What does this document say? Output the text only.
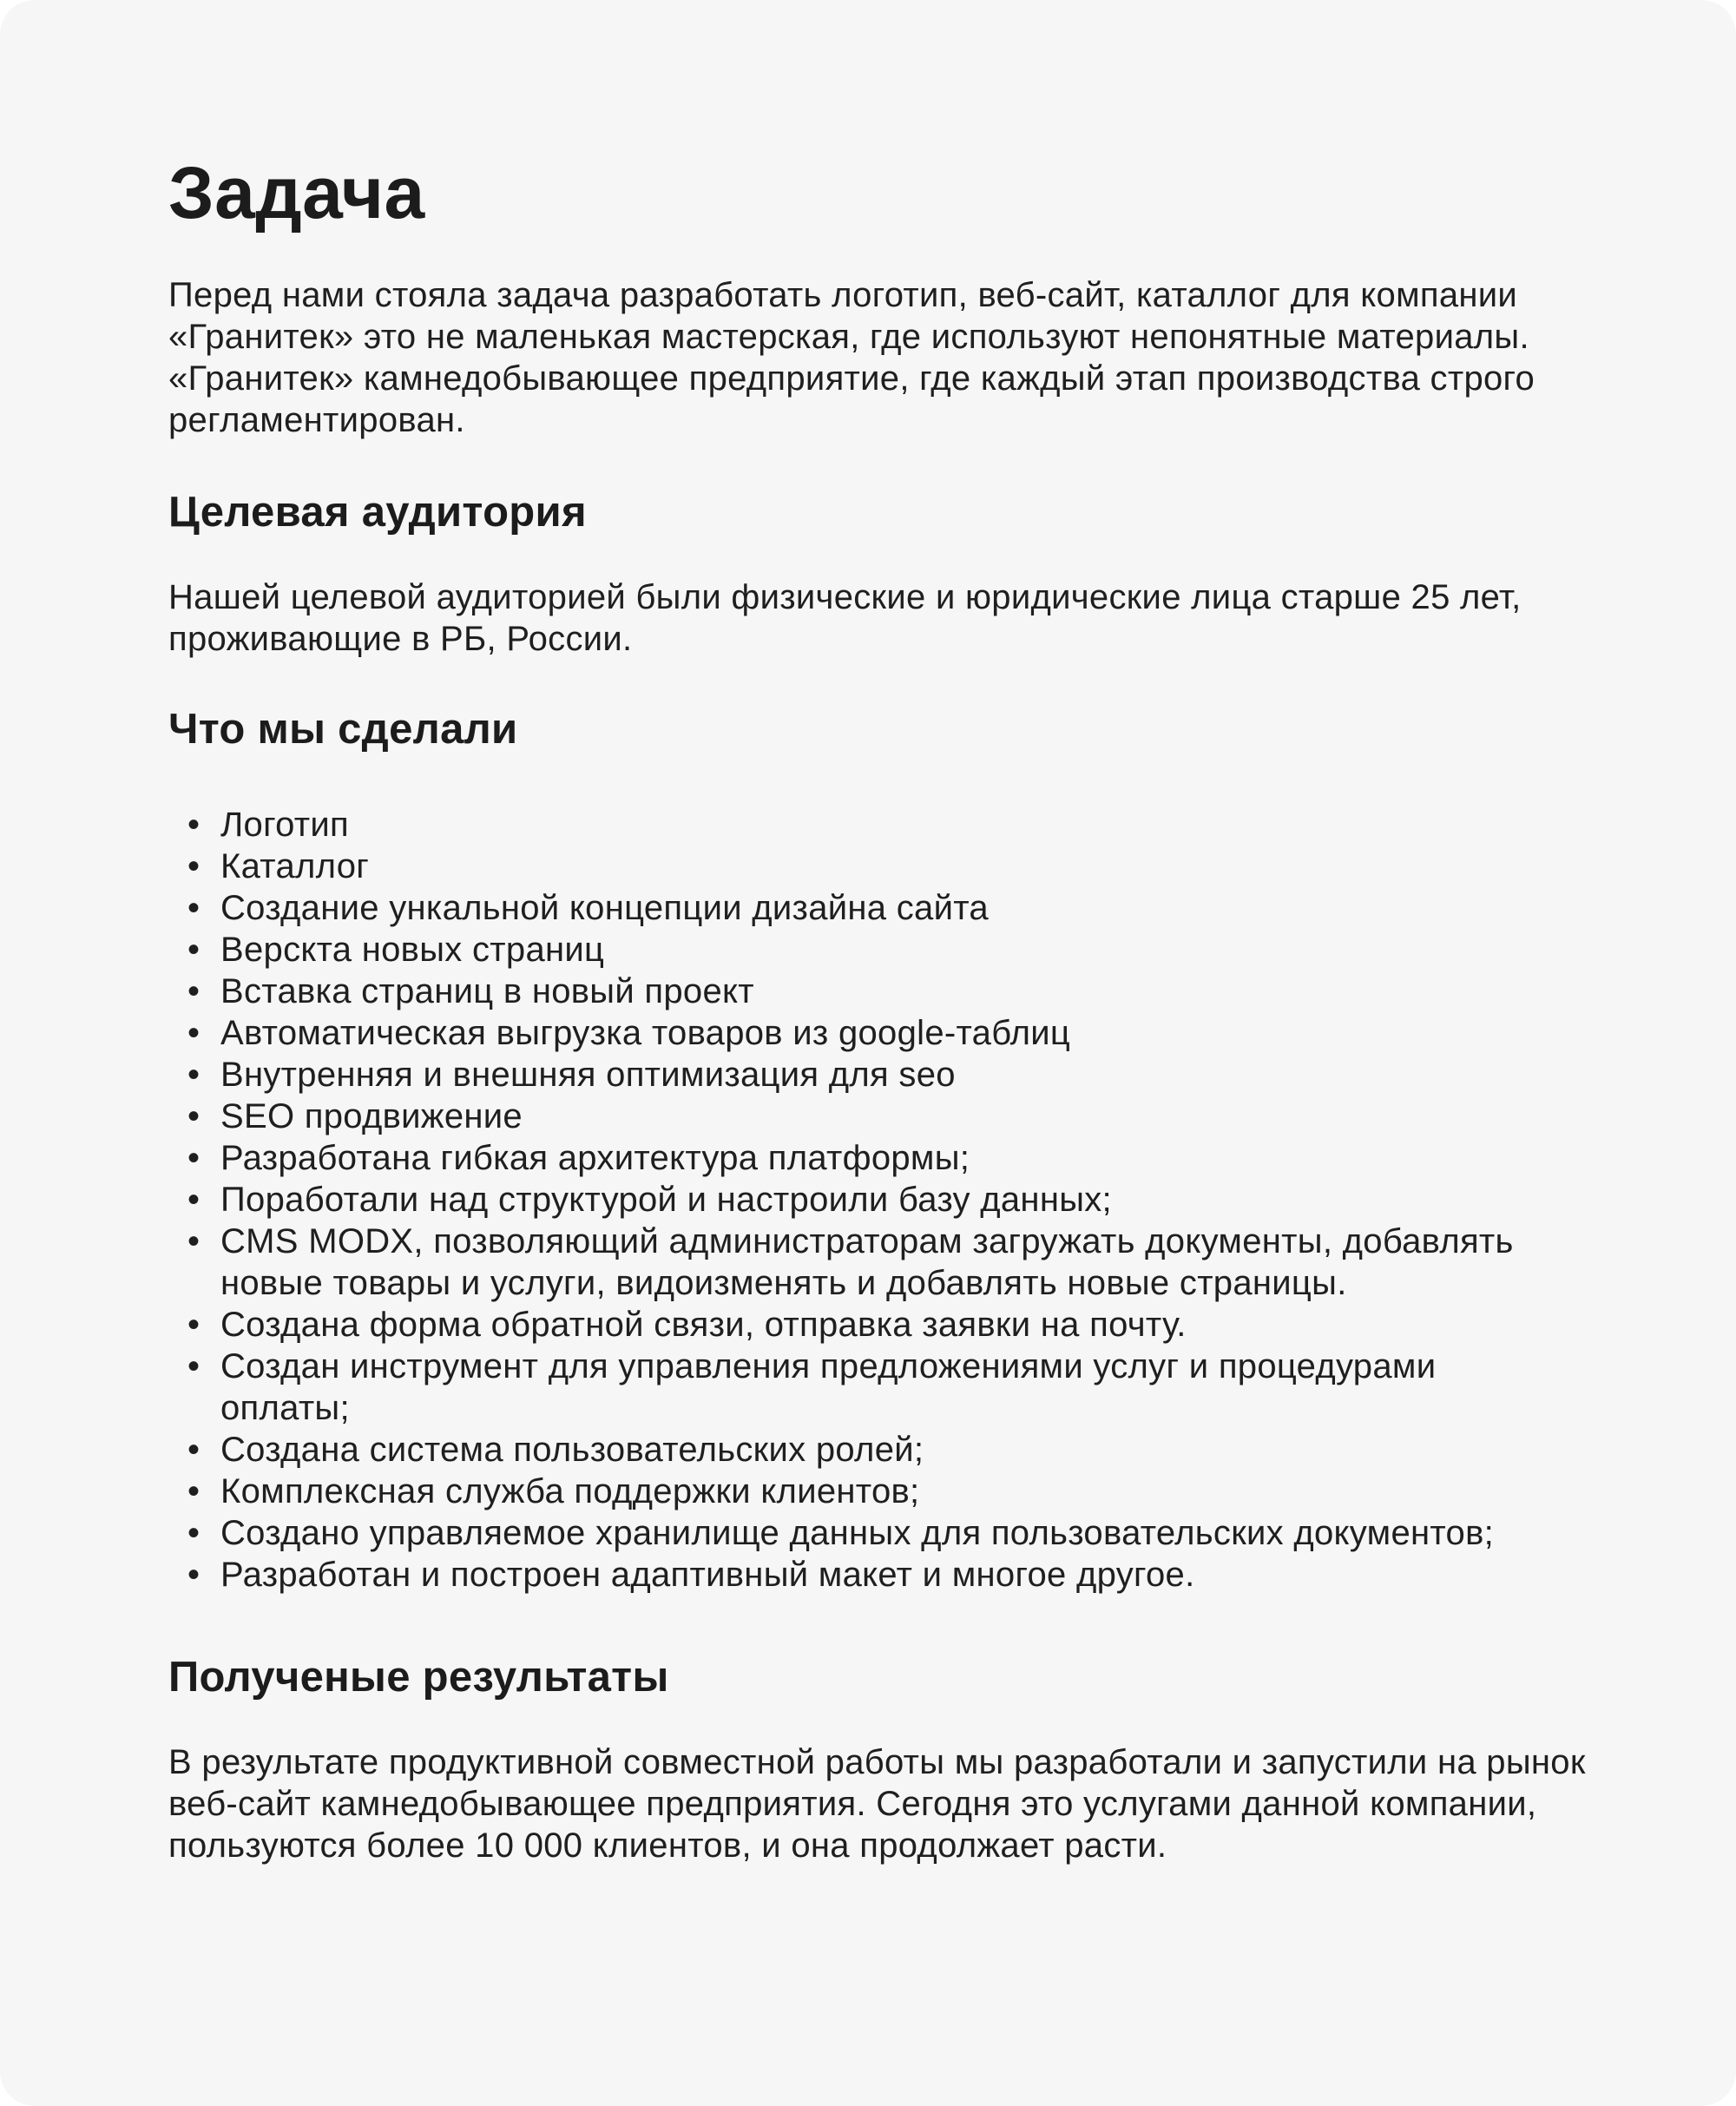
Задача

Перед нами стояла задача разработать логотип, веб-сайт, каталлог для компании «Гранитек» это не маленькая мастерская, где используют непонятные материалы. «Гранитек» камнедобывающее предприятие, где каждый этап производства строго регламентирован.

Целевая аудитория

Нашей целевой аудиторией были физические и юридические лица старше 25 лет, проживающие в РБ, России.

Что мы сделали
• Логотип
• Каталлог
• Создание ункальной концепции дизайна сайта
• Верскта новых страниц
• Вставка страниц в новый проект
• Автоматическая выгрузка товаров из google-таблиц
• Внутренняя и внешняя оптимизация для seo
• SEO продвижение
• Разработана гибкая архитектура платформы;
• Поработали над структурой и настроили базу данных;
• CMS MODX, позволяющий администраторам загружать документы, добавлять новые товары и услуги, видоизменять и добавлять новые страницы.
• Создана форма обратной связи, отправка заявки на почту.
• Создан инструмент для управления предложениями услуг и процедурами оплаты;
• Создана система пользовательских ролей;
• Комплексная служба поддержки клиентов;
• Создано управляемое хранилище данных для пользовательских документов;
• Разработан и построен адаптивный макет и многое другое.
Полученые результаты

В результате продуктивной совместной работы мы разработали и запустили на рынок веб-сайт камнедобывающее предприятия. Сегодня это услугами данной компании, пользуются более 10 000 клиентов, и она продолжает расти.
